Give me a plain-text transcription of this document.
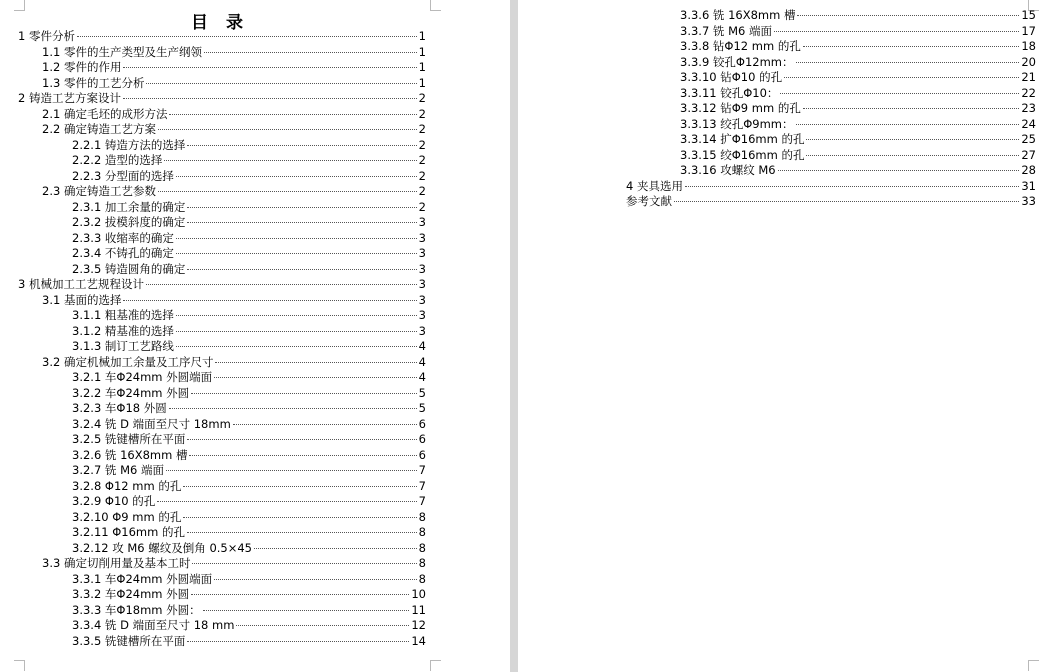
目 录
1 零件分析	1
1.1 零件的生产类型及生产纲领	1
1.2 零件的作用	1
1.3 零件的工艺分析	1
2 铸造工艺方案设计	2
2.1 确定毛坯的成形方法	2
2.2 确定铸造工艺方案	2
2.2.1 铸造方法的选择	2
2.2.2 造型的选择	2
2.2.3 分型面的选择	2
2.3 确定铸造工艺参数	2
2.3.1 加工余量的确定	2
2.3.2 拔模斜度的确定	3
2.3.3 收缩率的确定	3
2.3.4 不铸孔的确定	3
2.3.5 铸造圆角的确定	3
3 机械加工工艺规程设计	3
3.1 基面的选择	3
3.1.1 粗基准的选择	3
3.1.2 精基准的选择	3
3.1.3 制订工艺路线	4
3.2 确定机械加工余量及工序尺寸	4
3.2.1 车Φ24mm 外圆端面	4
3.2.2 车Φ24mm 外圆	5
3.2.3 车Φ18 外圆	5
3.2.4 铣 D 端面至尺寸 18mm	6
3.2.5 铣键槽所在平面	6
3.2.6 铣 16X8mm 槽	6
3.2.7 铣 M6 端面	7
3.2.8 Φ12 mm 的孔	7
3.2.9 Φ10 的孔	7
3.2.10 Φ9 mm 的孔	8
3.2.11 Φ16mm 的孔	8
3.2.12 攻 M6 螺纹及倒角 0.5×45	8
3.3 确定切削用量及基本工时	8
3.3.1 车Φ24mm 外圆端面	8
3.3.2 车Φ24mm 外圆	10
3.3.3 车Φ18mm 外圆：	11
3.3.4 铣 D 端面至尺寸 18 mm	12
3.3.5 铣键槽所在平面	14
3.3.6 铣 16X8mm 槽	15
3.3.7 铣 M6 端面	17
3.3.8 钻Φ12 mm 的孔	18
3.3.9 铰孔Φ12mm：	20
3.3.10 钻Φ10 的孔	21
3.3.11 铰孔Φ10：	22
3.3.12 钻Φ9 mm 的孔	23
3.3.13 绞孔Φ9mm：	24
3.3.14 扩Φ16mm 的孔	25
3.3.15 绞Φ16mm 的孔	27
3.3.16 攻螺纹 M6	28
4 夹具选用	31
参考文献	33
